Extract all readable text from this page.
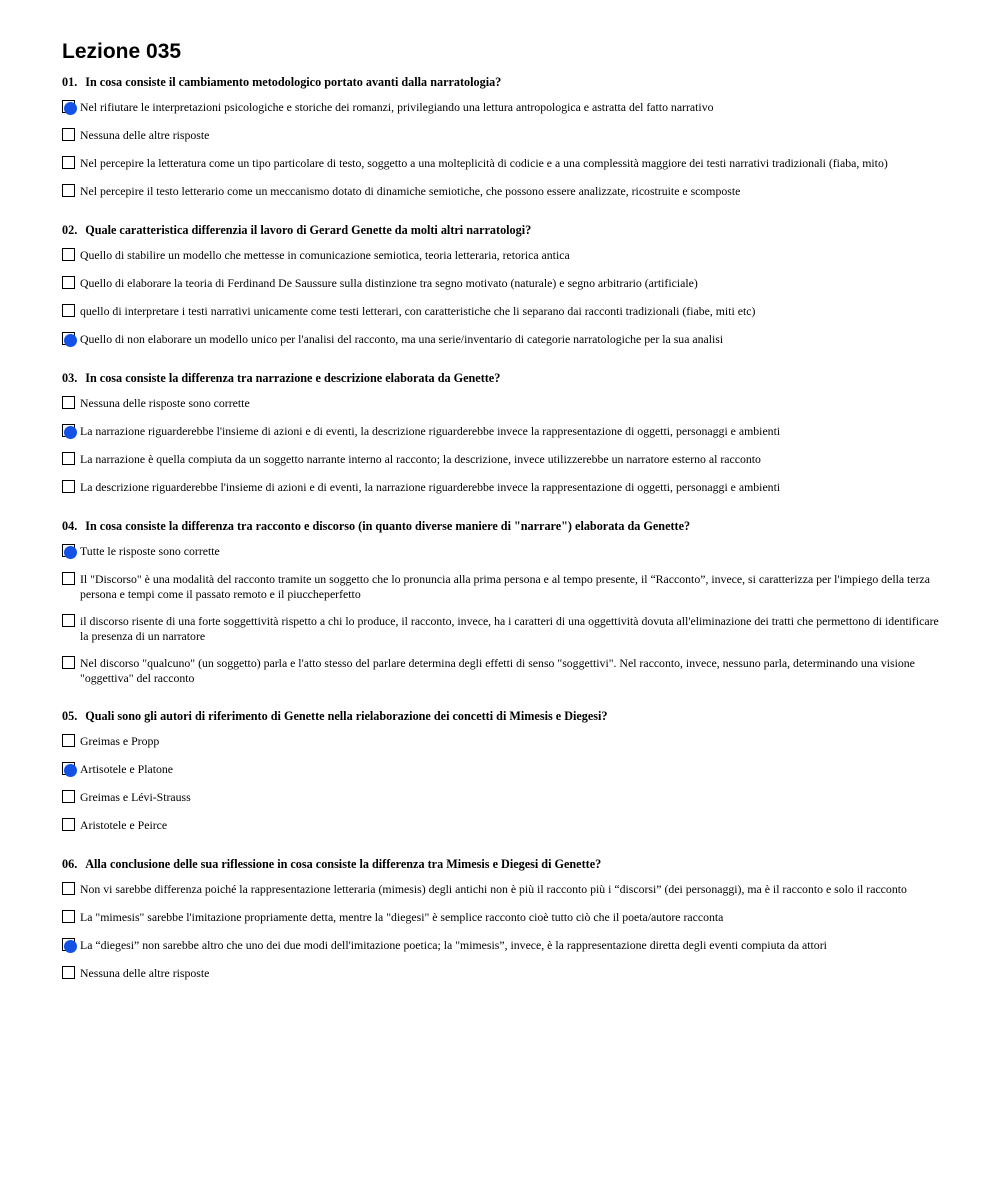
Lezione 035
01. In cosa consiste il cambiamento metodologico portato avanti dalla narratologia?
Nel rifiutare le interpretazioni psicologiche e storiche dei romanzi, privilegiando una lettura antropologica e astratta del fatto narrativo
Nessuna delle altre risposte
Nel percepire la letteratura come un tipo particolare di testo, soggetto a una molteplicità di codicie e a una complessità maggiore dei testi narrativi tradizionali (fiaba, mito)
Nel percepire il testo letterario come un meccanismo dotato di dinamiche semiotiche, che possono essere analizzate, ricostruite e scomposte
02. Quale caratteristica differenzia il lavoro di Gerard Genette da molti altri narratologi?
Quello di stabilire un modello che mettesse in comunicazione semiotica, teoria letteraria, retorica antica
Quello di elaborare la teoria di Ferdinand De Saussure sulla distinzione tra segno motivato (naturale) e segno arbitrario (artificiale)
quello di interpretare i testi narrativi unicamente come testi letterari, con caratteristiche che li separano dai racconti tradizionali (fiabe, miti etc)
Quello di non elaborare un modello unico per l'analisi del racconto, ma una serie/inventario di categorie narratologiche per la sua analisi
03. In cosa consiste la differenza tra narrazione e descrizione elaborata da Genette?
Nessuna delle risposte sono corrette
La narrazione riguarderebbe l'insieme di azioni e di eventi, la descrizione riguarderebbe invece la rappresentazione di oggetti, personaggi e ambienti
La narrazione è quella compiuta da un soggetto narrante interno al racconto; la descrizione, invece utilizzerebbe un narratore esterno al racconto
La descrizione riguarderebbe l'insieme di azioni e di eventi, la narrazione riguarderebbe invece la rappresentazione di oggetti, personaggi e ambienti
04. In cosa consiste la differenza tra racconto e discorso (in quanto diverse maniere di "narrare") elaborata da Genette?
Tutte le risposte sono corrette
Il "Discorso" è una modalità del racconto tramite un soggetto che lo pronuncia alla prima persona e al tempo presente, il “Racconto”, invece, si caratterizza per l'impiego della terza persona e tempi come il passato remoto e il piuccheperfetto
il discorso risente di una forte soggettività rispetto a chi lo produce, il racconto, invece, ha i caratteri di una oggettività dovuta all'eliminazione dei tratti che permettono di identificare la presenza di un narratore
Nel discorso "qualcuno" (un soggetto) parla e l'atto stesso del parlare determina degli effetti di senso "soggettivi". Nel racconto, invece, nessuno parla, determinando una visione "oggettiva" del racconto
05. Quali sono gli autori di riferimento di Genette nella rielaborazione dei concetti di Mimesis e Diegesi?
Greimas e Propp
Artisotele e Platone
Greimas e Lévi-Strauss
Aristotele e Peirce
06. Alla conclusione delle sua riflessione in cosa consiste la differenza tra Mimesis e Diegesi di Genette?
Non vi sarebbe differenza poiché la rappresentazione letteraria (mimesis) degli antichi non è più il racconto più i “discorsi” (dei personaggi), ma è il racconto e solo il racconto
La "mimesis" sarebbe l'imitazione propriamente detta, mentre la "diegesi" è semplice racconto cioè tutto ciò che il poeta/autore racconta
La “diegesi” non sarebbe altro che uno dei due modi dell'imitazione poetica; la "mimesis”, invece, è la rappresentazione diretta degli eventi compiuta da attori
Nessuna delle altre risposte
